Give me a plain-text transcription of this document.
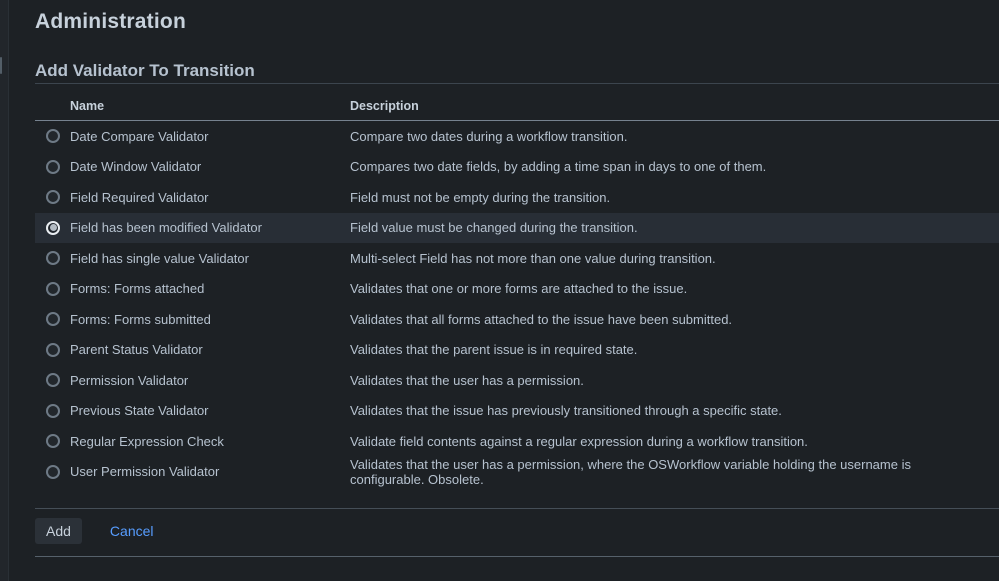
Administration
Add Validator To Transition
Name	Description
Date Compare Validator	Compare two dates during a workflow transition.
Date Window Validator	Compares two date fields, by adding a time span in days to one of them.
Field Required Validator	Field must not be empty during the transition.
Field has been modified Validator	Field value must be changed during the transition.
Field has single value Validator	Multi-select Field has not more than one value during transition.
Forms: Forms attached	Validates that one or more forms are attached to the issue.
Forms: Forms submitted	Validates that all forms attached to the issue have been submitted.
Parent Status Validator	Validates that the parent issue is in required state.
Permission Validator	Validates that the user has a permission.
Previous State Validator	Validates that the issue has previously transitioned through a specific state.
Regular Expression Check	Validate field contents against a regular expression during a workflow transition.
User Permission Validator	Validates that the user has a permission, where the OSWorkflow variable holding the username is configurable. Obsolete.
Add	Cancel
